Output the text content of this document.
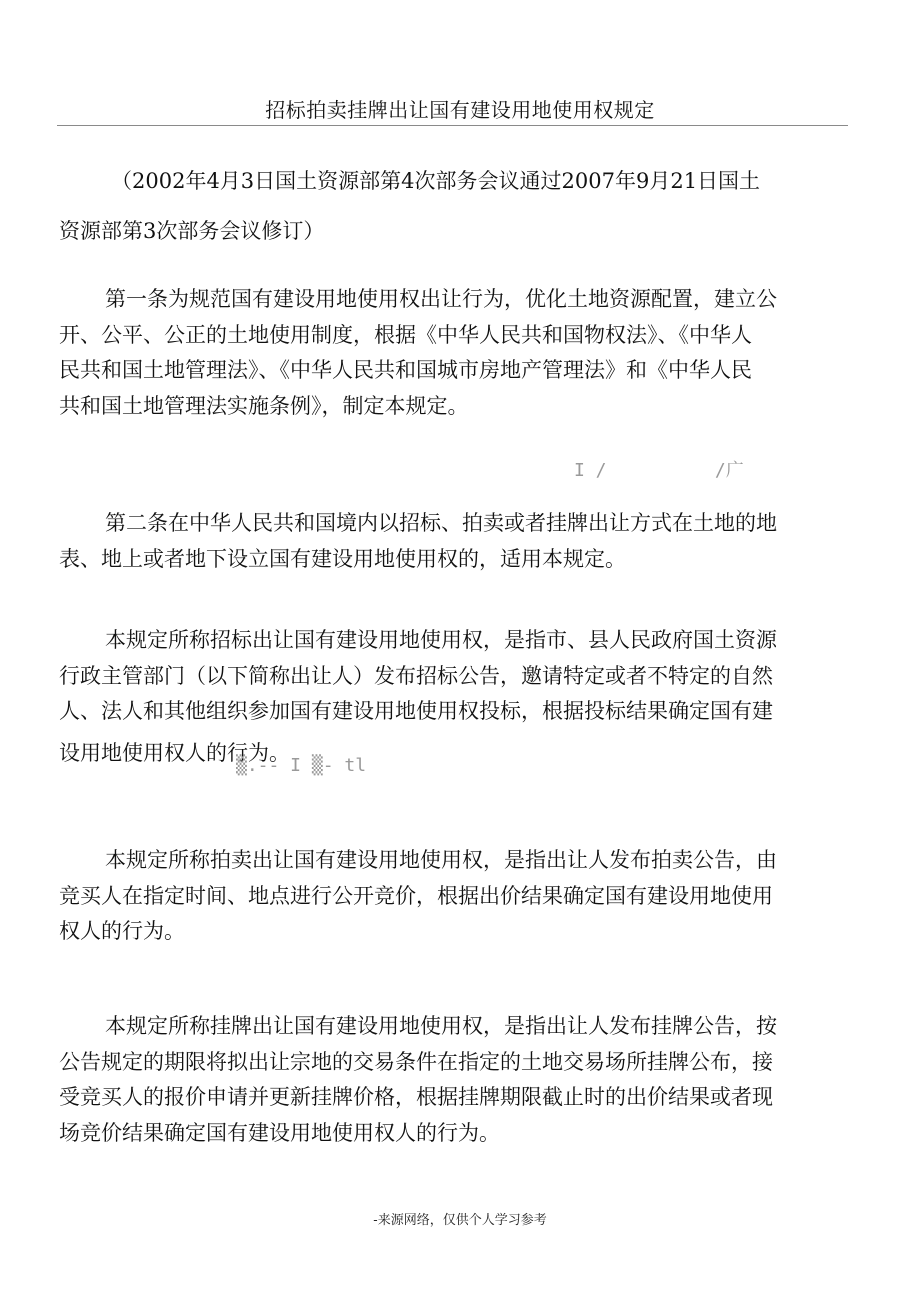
招标拍卖挂牌出让国有建设用地使用权规定

（2002年4月3日国土资源部第4次部务会议通过2007年9月21日国土
资源部第3次部务会议修订）

第一条为规范国有建设用地使用权出让行为，优化土地资源配置，建立公
开、公平、公正的土地使用制度，根据《中华人民共和国物权法》、《中华人
民共和国土地管理法》、《中华人民共和国城市房地产管理法》和《中华人民
共和国土地管理法实施条例》，制定本规定。

I /          /广

第二条在中华人民共和国境内以招标、拍卖或者挂牌出让方式在土地的地
表、地上或者地下设立国有建设用地使用权的，适用本规定。

本规定所称招标出让国有建设用地使用权，是指市、县人民政府国土资源
行政主管部门（以下简称出让人）发布招标公告，邀请特定或者不特定的自然
人、法人和其他组织参加国有建设用地使用权投标，根据投标结果确定国有建
设用地使用权人的行为。

▒.-- I ▒- tl

本规定所称拍卖出让国有建设用地使用权，是指出让人发布拍卖公告，由
竞买人在指定时间、地点进行公开竞价，根据出价结果确定国有建设用地使用
权人的行为。

本规定所称挂牌出让国有建设用地使用权，是指出让人发布挂牌公告，按
公告规定的期限将拟出让宗地的交易条件在指定的土地交易场所挂牌公布，接
受竞买人的报价申请并更新挂牌价格，根据挂牌期限截止时的出价结果或者现
场竞价结果确定国有建设用地使用权人的行为。

-来源网络，仅供个人学习参考
